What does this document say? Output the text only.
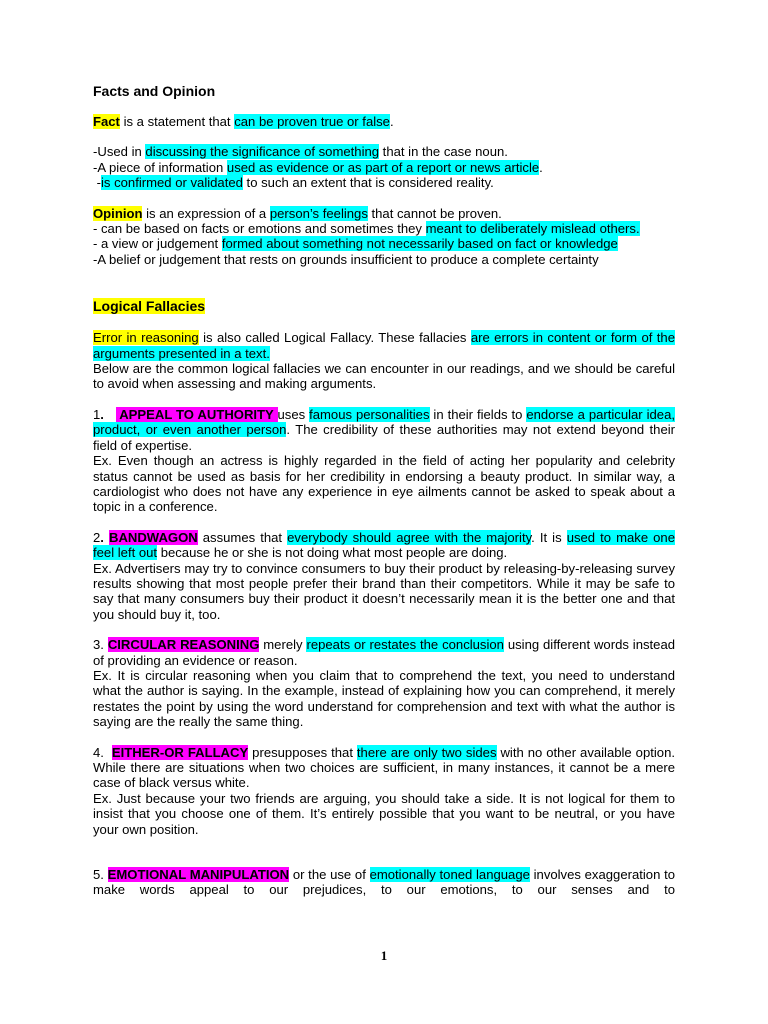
Facts and Opinion

Fact is a statement that can be proven true or false.

-Used in discussing the significance of something that in the case noun.

-A piece of information used as evidence or as part of a report or news article.

-is confirmed or validated to such an extent that is considered reality.

Opinion is an expression of a person’s feelings that cannot be proven.

- can be based on facts or emotions and sometimes they meant to deliberately mislead others.

- a view or judgement formed about something not necessarily based on fact or knowledge

-A belief or judgement that rests on grounds insufficient to produce a complete certainty

Logical Fallacies

Error in reasoning is also called Logical Fallacy. These fallacies are errors in content or form of the arguments presented in a text.

Below are the common logical fallacies we can encounter in our readings, and we should be careful to avoid when assessing and making arguments.

1.    APPEAL TO AUTHORITY uses famous personalities in their fields to endorse a particular idea, product, or even another person. The credibility of these authorities may not extend beyond their field of expertise.

Ex. Even though an actress is highly regarded in the field of acting her popularity and celebrity status cannot be used as basis for her credibility in endorsing a beauty product. In similar way, a cardiologist who does not have any experience in eye ailments cannot be asked to speak about a topic in a conference.

2. BANDWAGON assumes that everybody should agree with the majority. It is used to make one feel left out because he or she is not doing what most people are doing.

Ex. Advertisers may try to convince consumers to buy their product by releasing-by-releasing survey results showing that most people prefer their brand than their competitors. While it may be safe to say that many consumers buy their product it doesn’t necessarily mean it is the better one and that you should buy it, too.

3. CIRCULAR REASONING merely repeats or restates the conclusion using different words instead of providing an evidence or reason.

Ex. It is circular reasoning when you claim that to comprehend the text, you need to understand what the author is saying. In the example, instead of explaining how you can comprehend, it merely restates the point by using the word understand for comprehension and text with what the author is saying are the really the same thing.

4.  EITHER-OR FALLACY presupposes that there are only two sides with no other available option. While there are situations when two choices are sufficient, in many instances, it cannot be a mere case of black versus white.

Ex. Just because your two friends are arguing, you should take a side. It is not logical for them to insist that you choose one of them. It’s entirely possible that you want to be neutral, or you have your own position.

5. EMOTIONAL MANIPULATION or the use of emotionally toned language involves exaggeration to make words appeal to our prejudices, to our emotions, to our senses and to

1
